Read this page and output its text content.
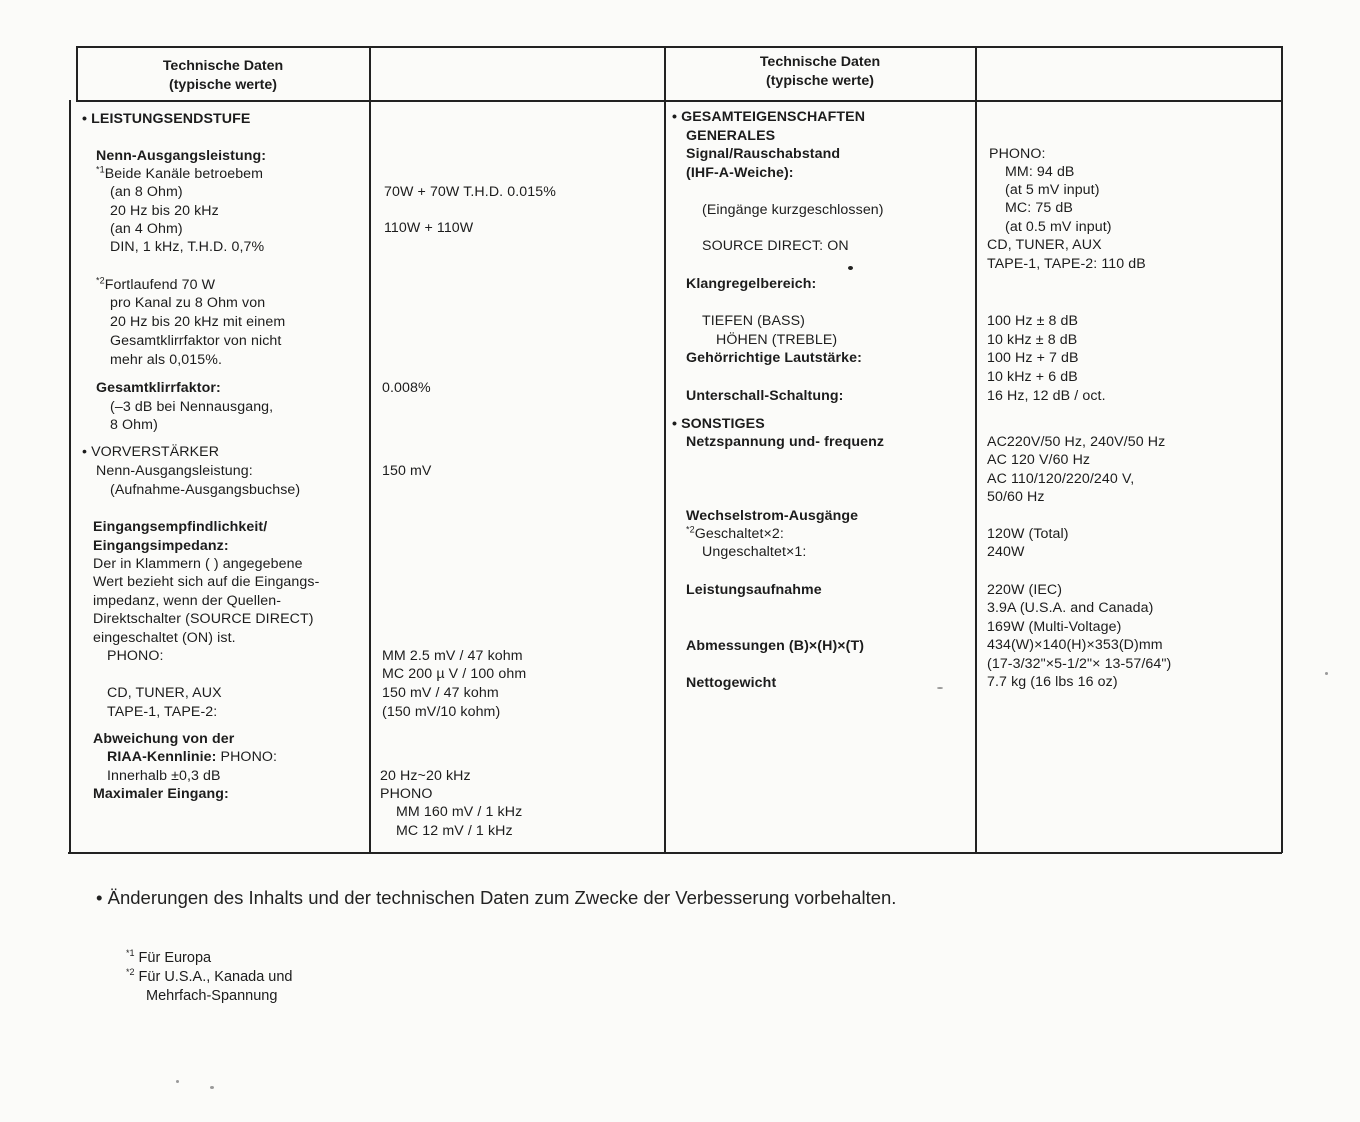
Technische Daten
(typische werte)
Technische Daten
(typische werte)
• LEISTUNGSENDSTUFE
Nenn-Ausgangsleistung:
$^{*1}$Beide Kanäle betroebem
(an 8 Ohm)
20 Hz bis 20 kHz
(an 4 Ohm)
DIN, 1 kHz, T.H.D. 0,7%
$^{*2}$Fortlaufend 70 W
pro Kanal zu 8 Ohm von
20 Hz bis 20 kHz mit einem
Gesamtklirrfaktor von nicht
mehr als 0,015%.
Gesamtklirrfaktor:
(–3 dB bei Nennausgang,
8 Ohm)
• VORVERSTÄRKER
Nenn-Ausgangsleistung:
(Aufnahme-Ausgangsbuchse)
Eingangsempfindlichkeit/
Eingangsimpedanz:
Der in Klammern ( ) angegebene
Wert bezieht sich auf die Eingangs-
impedanz, wenn der Quellen-
Direktschalter (SOURCE DIRECT)
eingeschaltet (ON) ist.
PHONO:
CD, TUNER, AUX
TAPE-1, TAPE-2:
Abweichung von der
RIAA-Kennlinie: PHONO:
Innerhalb ±0,3 dB
Maximaler Eingang:
70W + 70W T.H.D. 0.015%
110W + 110W
0.008%
150 mV
MM 2.5 mV / 47 kohm
MC 200 µ V / 100 ohm
150 mV / 47 kohm
(150 mV/10 kohm)
20 Hz~20 kHz
PHONO
MM 160 mV / 1 kHz
MC 12 mV / 1 kHz
• GESAMTEIGENSCHAFTEN
GENERALES
Signal/Rauschabstand
(IHF-A-Weiche):
(Eingänge kurzgeschlossen)
SOURCE DIRECT: ON
Klangregelbereich:
TIEFEN (BASS)
HÖHEN (TREBLE)
Gehörrichtige Lautstärke:
Unterschall-Schaltung:
• SONSTIGES
Netzspannung und- frequenz
Wechselstrom-Ausgänge
$^{*2}$Geschaltet×2:
Ungeschaltet×1:
Leistungsaufnahme
Abmessungen (B)×(H)×(T)
Nettogewicht
PHONO:
MM: 94 dB
(at 5 mV input)
MC: 75 dB
(at 0.5 mV input)
CD, TUNER, AUX
TAPE-1, TAPE-2: 110 dB
100 Hz ± 8 dB
10 kHz ± 8 dB
100 Hz + 7 dB
10 kHz + 6 dB
16 Hz, 12 dB / oct.
AC220V/50 Hz, 240V/50 Hz
AC 120 V/60 Hz
AC 110/120/220/240 V,
50/60 Hz
120W (Total)
240W
220W (IEC)
3.9A (U.S.A. and Canada)
169W (Multi-Voltage)
434(W)×140(H)×353(D)mm
(17-3/32"×5-1/2"× 13-57/64")
7.7 kg (16 lbs 16 oz)
• Änderungen des Inhalts und der technischen Daten zum Zwecke der Verbesserung vorbehalten.
$^{*1}$ Für Europa
$^{*2}$ Für U.S.A., Kanada und
Mehrfach-Spannung
